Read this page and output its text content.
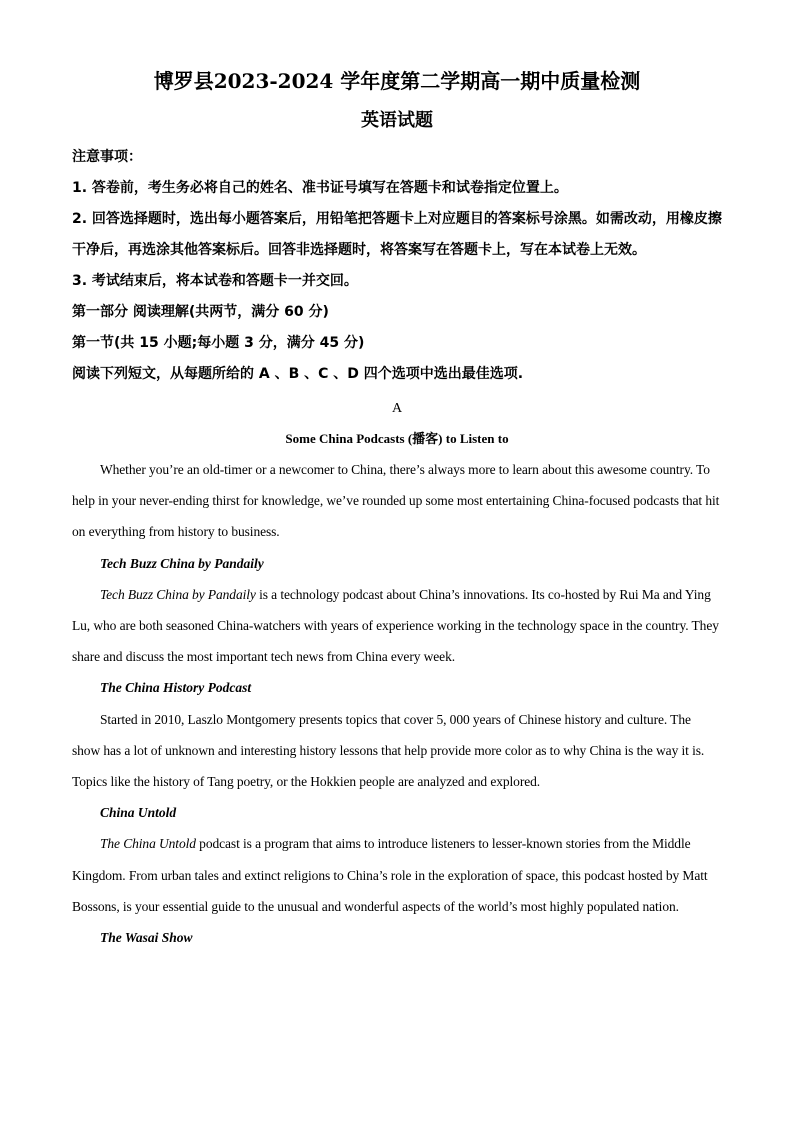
博罗县2023-2024 学年度第二学期高一期中质量检测
英语试题

注意事项：

1. 答卷前，考生务必将自己的姓名、准书证号填写在答题卡和试卷指定位置上。

2. 回答选择题时，选出每小题答案后，用铅笔把答题卡上对应题目的答案标号涂黑。如需改动，用橡皮擦干净后，再选涂其他答案标后。回答非选择题时，将答案写在答题卡上，写在本试卷上无效。

3. 考试结束后，将本试卷和答题卡一并交回。

第一部分 阅读理解(共两节，满分 60 分)

第一节(共 15 小题;每小题 3 分，满分 45 分)

阅读下列短文，从每题所给的 A 、B 、C 、D 四个选项中选出最佳选项.

A

Some China Podcasts (播客) to Listen to

Whether you’re an old-timer or a newcomer to China, there’s always more to learn about this awesome country. To help in your never-ending thirst for knowledge, we’ve rounded up some most entertaining China-focused podcasts that hit on everything from history to business.

Tech Buzz China by Pandaily

Tech Buzz China by Pandaily is a technology podcast about China’s innovations. Its co-hosted by Rui Ma and Ying Lu, who are both seasoned China-watchers with years of experience working in the technology space in the country. They share and discuss the most important tech news from China every week.

The China History Podcast

Started in 2010, Laszlo Montgomery presents topics that cover 5, 000 years of Chinese history and culture. The show has a lot of unknown and interesting history lessons that help provide more color as to why China is the way it is. Topics like the history of Tang poetry, or the Hokkien people are analyzed and explored.

China Untold

The China Untold podcast is a program that aims to introduce listeners to lesser-known stories from the Middle Kingdom. From urban tales and extinct religions to China’s role in the exploration of space, this podcast hosted by Matt Bossons, is your essential guide to the unusual and wonderful aspects of the world’s most highly populated nation.

The Wasai Show
